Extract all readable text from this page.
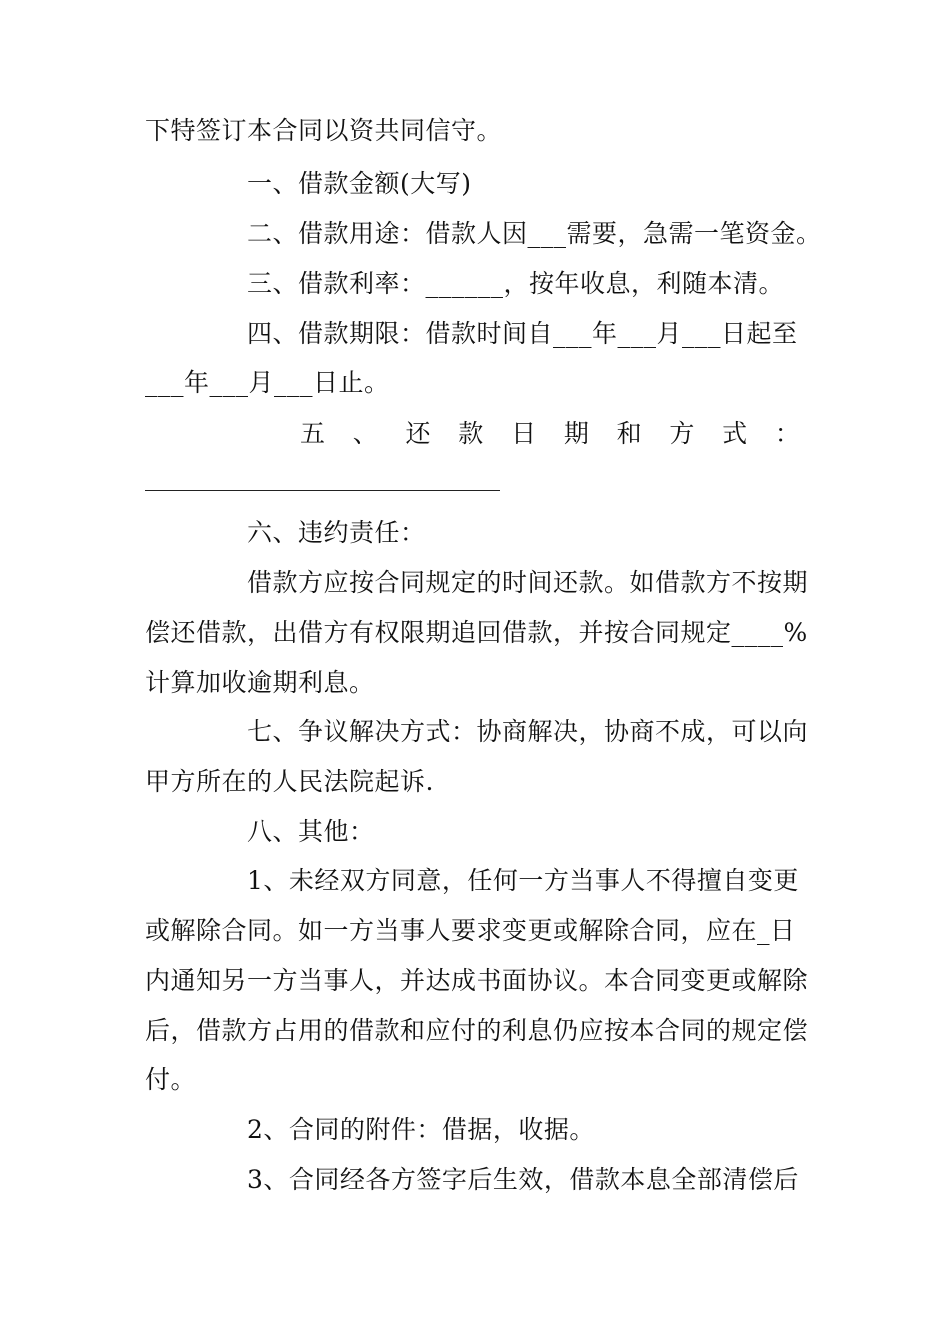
下特签订本合同以资共同信守。
一、借款金额(大写)
二、借款用途：借款人因___需要，急需一笔资金。
三、借款利率：______，按年收息，利随本清。
四、借款期限：借款时间自___年___月___日起至
___年___月___日止。
五 、 还 款 日 期 和 方 式 ：
六、违约责任：
借款方应按合同规定的时间还款。如借款方不按期
偿还借款，出借方有权限期追回借款，并按合同规定____%
计算加收逾期利息。
七、争议解决方式：协商解决，协商不成，可以向
甲方所在的人民法院起诉.
八、其他：
1、未经双方同意，任何一方当事人不得擅自变更
或解除合同。如一方当事人要求变更或解除合同，应在_日
内通知另一方当事人，并达成书面协议。本合同变更或解除
后，借款方占用的借款和应付的利息仍应按本合同的规定偿
付。
2、合同的附件：借据，收据。
3、合同经各方签字后生效，借款本息全部清偿后
